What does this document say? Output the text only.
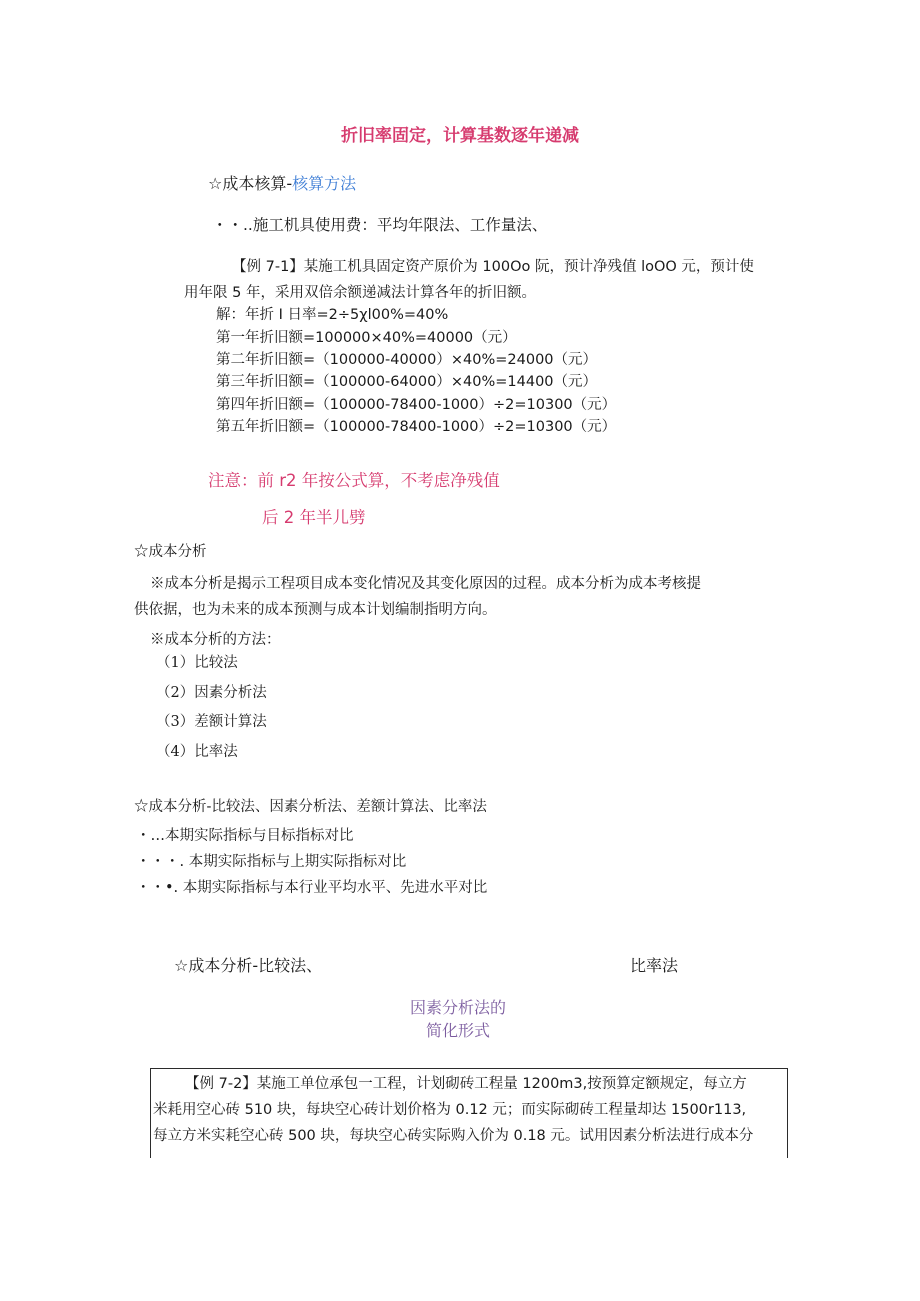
折旧率固定，计算基数逐年递减
☆成本核算-核算方法
・・..施工机具使用费：平均年限法、工作量法、
【例 7-1】某施工机具固定资产原价为 100Oo 阮，预计净残值 loOO 元，预计使
用年限 5 年，采用双倍余额递减法计算各年的折旧额。
解：年折 I 日率=2÷5χl00%=40%
第一年折旧额=100000×40%=40000（元）
第二年折旧额=（100000-40000）×40%=24000（元）
第三年折旧额=（100000-64000）×40%=14400（元）
第四年折旧额=（100000-78400-1000）÷2=10300（元）
第五年折旧额=（100000-78400-1000）÷2=10300（元）
注意：前 r2 年按公式算，不考虑净残值
后 2 年半儿劈
☆成本分析
※成本分析是揭示工程项目成本变化情况及其变化原因的过程。成本分析为成本考核提
供依据，也为未来的成本预测与成本计划编制指明方向。
※成本分析的方法：
（1）比较法
（2）因素分析法
（3）差额计算法
（4）比率法
☆成本分析-比较法、因素分析法、差额计算法、比率法
・…本期实际指标与目标指标对比
・・・. 本期实际指标与上期实际指标对比
・・•. 本期实际指标与本行业平均水平、先进水平对比
☆成本分析-比较法、	比率法
因素分析法的
简化形式
【例 7-2】某施工单位承包一工程，计划砌砖工程量 1200m3,按预算定额规定，每立方
米耗用空心砖 510 块，每块空心砖计划价格为 0.12 元；而实际砌砖工程量却达 1500r113,
每立方米实耗空心砖 500 块，每块空心砖实际购入价为 0.18 元。试用因素分析法进行成本分
